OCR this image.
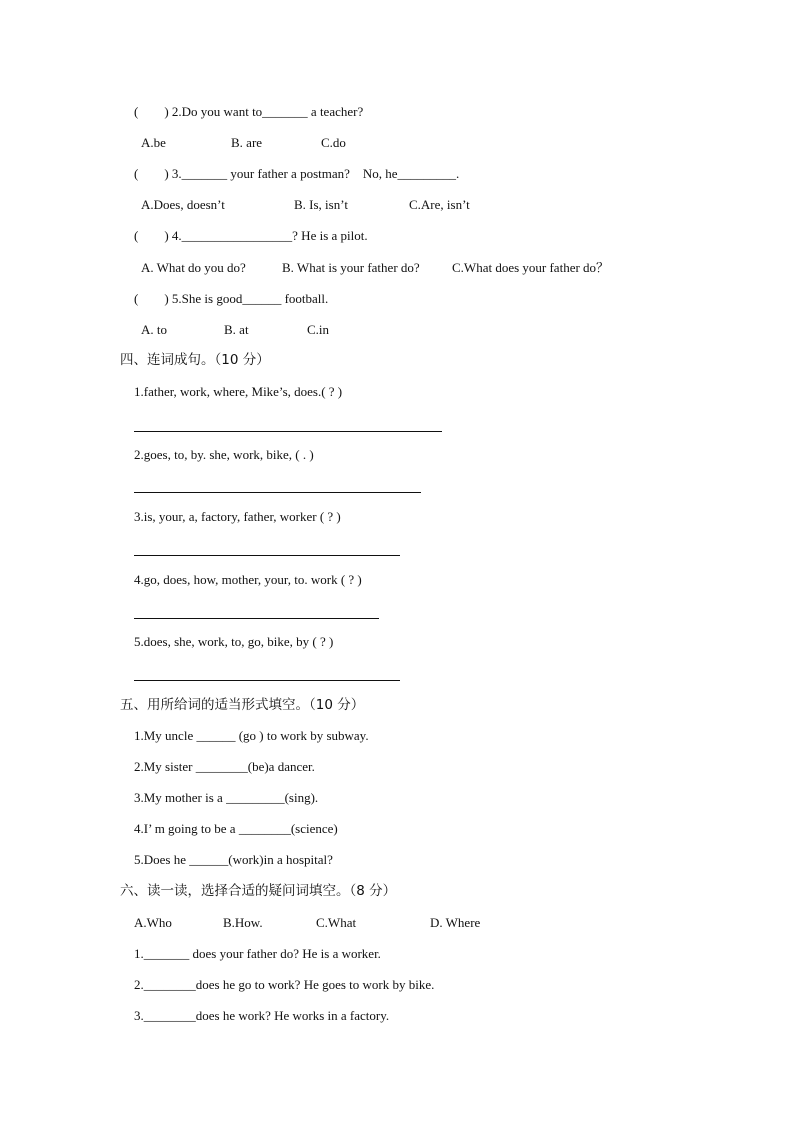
(　　) 2.Do you want to_______ a teacher?
A.be	B. are	C.do
(　　) 3._______ your father a postman?　No, he_________.
A.Does, doesn’t	B. Is, isn’t	C.Are, isn’t
(　　) 4._________________? He is a pilot.
A. What do you do?	B. What is your father do? C.What does your father do？
(　　) 5.She is good______ football.
A. to	B. at	C.in
四、连词成句。（10 分）
1.father, work, where, Mike’s, does.( ? )
2.goes, to, by. she, work, bike, ( . )
3.is, your, a, factory, father, worker ( ? )
4.go, does, how, mother, your, to. work ( ? )
5.does, she, work, to, go, bike, by ( ? )
五、用所给词的适当形式填空。（10 分）
1.My uncle ______ (go ) to work by subway.
2.My sister ________(be)a dancer.
3.My mother is a _________(sing).
4.I’ m going to be a ________(science)
5.Does he ______(work)in a hospital?
六、读一读，选择合适的疑问词填空。（8 分）
A.Who	B.How.	C.What	D. Where
1._______ does your father do? He is a worker.
2.________does he go to work? He goes to work by bike.
3.________does he work? He works in a factory.
